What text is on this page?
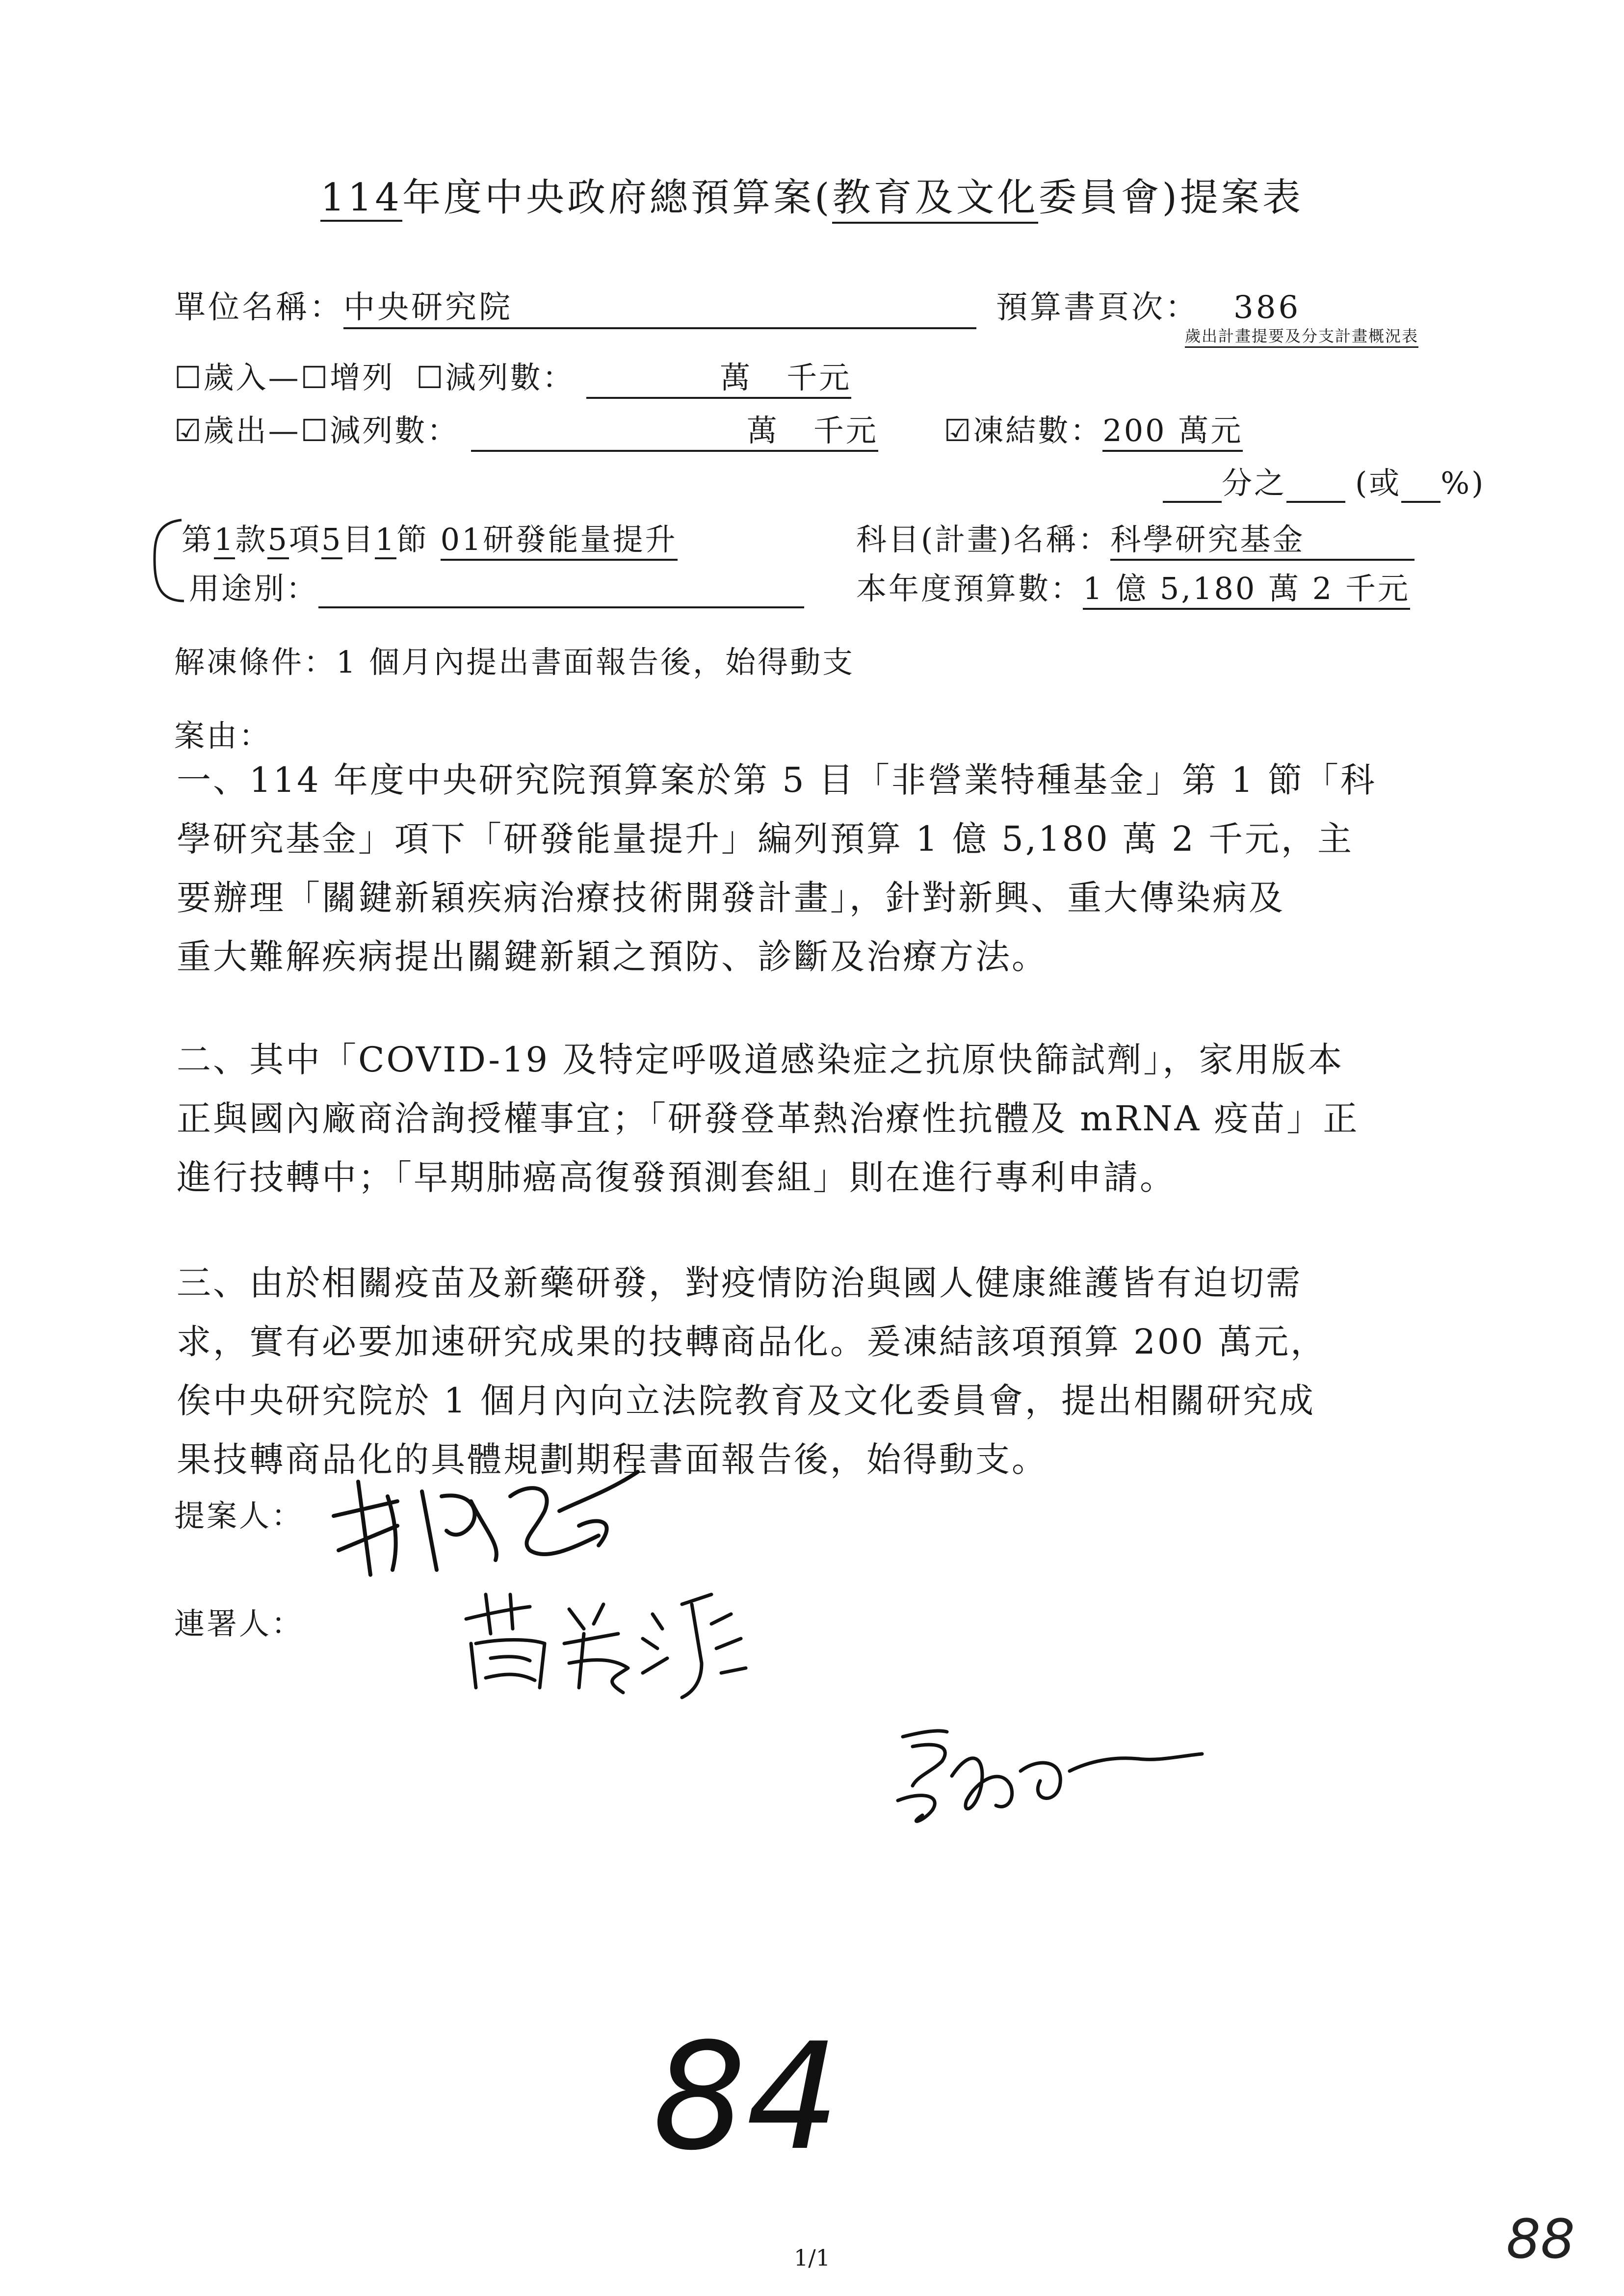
114年度中央政府總預算案(教育及文化委員會)提案表
單位名稱：中央研究院	預算書頁次： 386
歲出計畫提要及分支計畫概況表
☐歲入—☐增列 ☐減列數：	萬 千元
☑歲出—☐減列數：	萬 千元 ☑凍結數：200 萬元
分之 (或 %)
第1款5項5目1節 01研發能量提升	科目(計畫)名稱：科學研究基金
用途別：	本年度預算數：1 億 5,180 萬 2 千元
解凍條件：1 個月內提出書面報告後，始得動支
案由：
一、114 年度中央研究院預算案於第 5 目「非營業特種基金」第 1 節「科
學研究基金」項下「研發能量提升」編列預算 1 億 5,180 萬 2 千元，主
要辦理「關鍵新穎疾病治療技術開發計畫」，針對新興、重大傳染病及
重大難解疾病提出關鍵新穎之預防、診斷及治療方法。
二、其中「COVID-19 及特定呼吸道感染症之抗原快篩試劑」，家用版本
正與國內廠商洽詢授權事宜；「研發登革熱治療性抗體及 mRNA 疫苗」正
進行技轉中；「早期肺癌高復發預測套組」則在進行專利申請。
三、由於相關疫苗及新藥研發，對疫情防治與國人健康維護皆有迫切需
求，實有必要加速研究成果的技轉商品化。爰凍結該項預算 200 萬元，
俟中央研究院於 1 個月內向立法院教育及文化委員會，提出相關研究成
果技轉商品化的具體規劃期程書面報告後，始得動支。
提案人：
連署人：
84
88
1/1
